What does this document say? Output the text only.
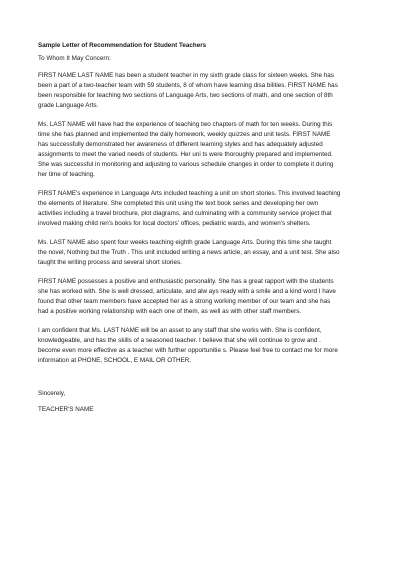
Sample Letter of Recommendation for Student Teachers
To Whom It May Concern:

FIRST NAME LAST NAME has been a student teacher in my sixth grade class for sixteen weeks. She has
been a part of a two-teacher team with 59 students, 8 of whom have learning disa bilities. FIRST NAME has
been responsible for teaching two sections of Language Arts, two sections of math, and one section of 8th
grade Language Arts.

Ms. LAST NAME will have had the experience of teaching two chapters of math for ten weeks. During this
time she has planned and implemented the daily homework, weekly quizzes and unit tests. FIRST NAME
has successfully demonstrated her awareness of different learning styles and has adequately adjusted
assignments to meet the varied needs of students. Her uni ts were thoroughly prepared and implemented.
She was successful in monitoring and adjusting to various schedule changes in order to complete it during
her time of teaching.

FIRST NAME's experience in Language Arts included teaching a unit on short stories. This involved teaching
the elements of literature. She completed this unit using the text book series and developing her own
activities including a travel brochure, plot diagrams, and culminating with a community service project that
involved making child ren's books for local doctors' offices, pediatric wards, and women's shelters.

Ms. LAST NAME also spent four weeks teaching eighth grade Language Arts. During this time she taught
the novel, Nothing but the Truth . This unit included writing a news article, an essay, and a unit test. She also
taught the writing process and several short stories.

FIRST NAME possesses a positive and enthusiastic personality. She has a great rapport with the students
she has worked with. She is well dressed, articulate, and alw ays ready with a smile and a kind word I have
found that other team members have accepted her as a strong working member of our team and she has
had a positive working relationship with each one of them, as well as with other staff members.

I am confident that Ms. LAST NAME will be an asset to any staff that she works with. She is confident,
knowledgeable, and has the skills of a seasoned teacher. I believe that she will continue to grow and .
become even more effective as a teacher with further opportunitie s. Please feel free to contact me for more
information at PHONE, SCHOOL, E MAIL OR OTHER.

Sincerely,
TEACHER'S NAME
